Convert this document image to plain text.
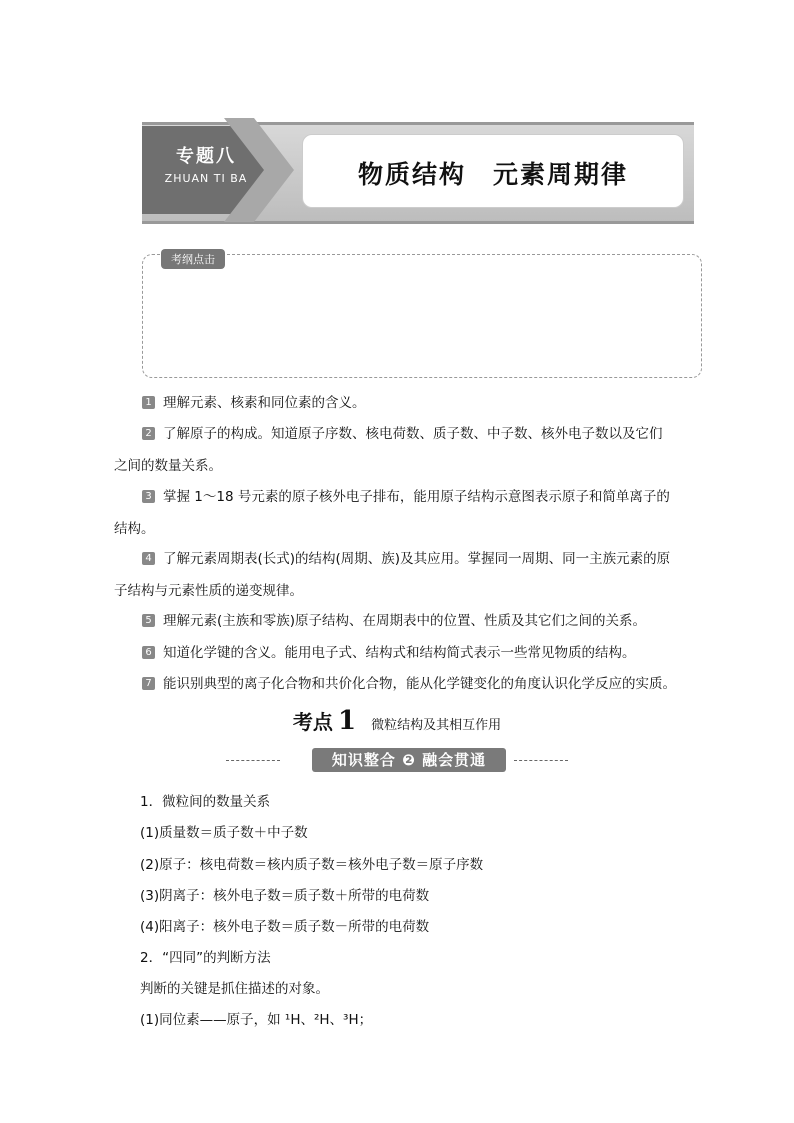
专题八
ZHUAN TI BA	物质结构　元素周期律
考纲点击
1 理解元素、核素和同位素的含义。
2 了解原子的构成。知道原子序数、核电荷数、质子数、中子数、核外电子数以及它们
之间的数量关系。
3 掌握 1～18 号元素的原子核外电子排布，能用原子结构示意图表示原子和简单离子的
结构。
4 了解元素周期表(长式)的结构(周期、族)及其应用。掌握同一周期、同一主族元素的原
子结构与元素性质的递变规律。
5 理解元素(主族和零族)原子结构、在周期表中的位置、性质及其它们之间的关系。
6 知道化学键的含义。能用电子式、结构式和结构简式表示一些常见物质的结构。
7 能识别典型的离子化合物和共价化合物，能从化学键变化的角度认识化学反应的实质。
考点 1 微粒结构及其相互作用
知识整合 ❷ 融会贯通
1．微粒间的数量关系
(1)质量数＝质子数＋中子数
(2)原子：核电荷数＝核内质子数＝核外电子数＝原子序数
(3)阴离子：核外电子数＝质子数＋所带的电荷数
(4)阳离子：核外电子数＝质子数－所带的电荷数
2．“四同”的判断方法
判断的关键是抓住描述的对象。
(1)同位素——原子，如 ¹H、²H、³H；
